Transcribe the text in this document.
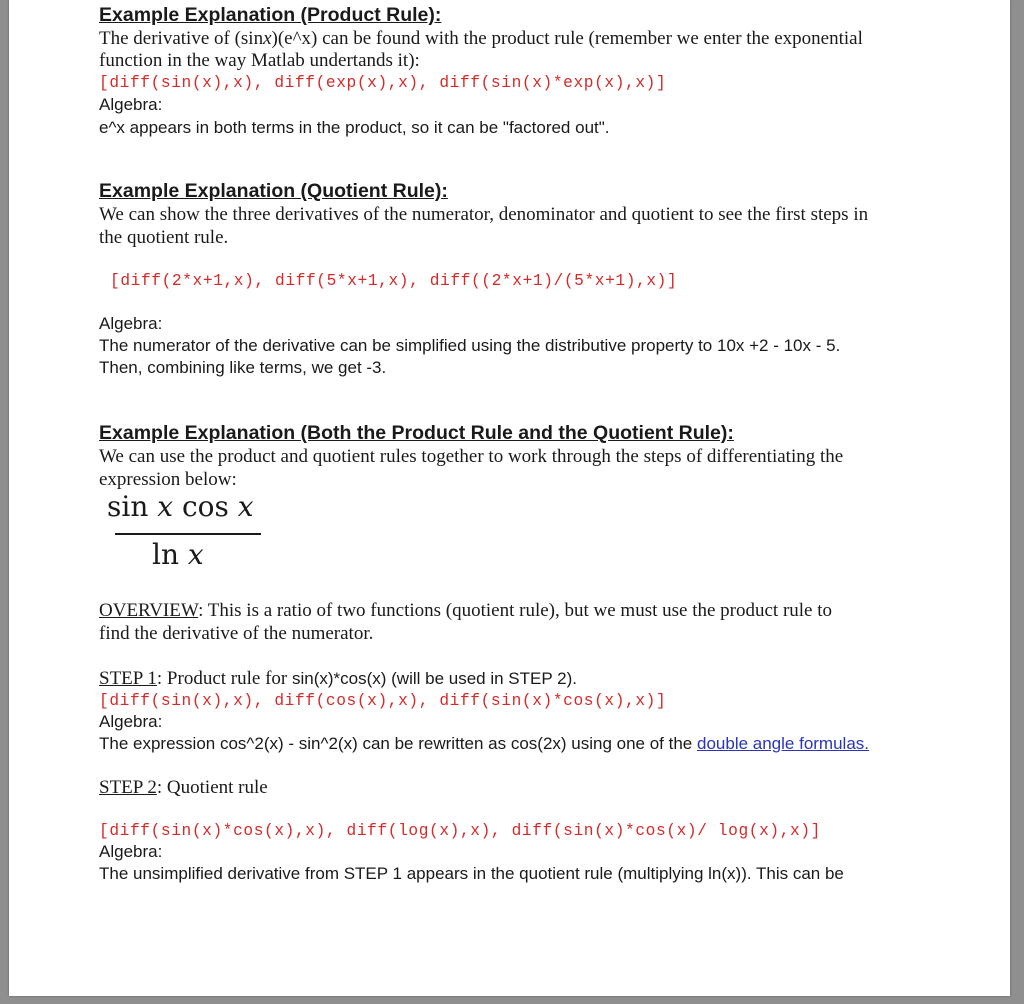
Example Explanation (Product Rule):
The derivative of (sinx)(e^x) can be found with the product rule (remember we enter the exponential
function in the way Matlab undertands it):
[diff(sin(x),x), diff(exp(x),x), diff(sin(x)*exp(x),x)]
Algebra:
e^x appears in both terms in the product, so it can be "factored out".
Example Explanation (Quotient Rule):
We can show the three derivatives of the numerator, denominator and quotient to see the first steps in
the quotient rule.
[diff(2*x+1,x), diff(5*x+1,x), diff((2*x+1)/(5*x+1),x)]
Algebra:
The numerator of the derivative can be simplified using the distributive property to 10x +2 - 10x - 5.
Then, combining like terms, we get -3.
Example Explanation (Both the Product Rule and the Quotient Rule):
We can use the product and quotient rules together to work through the steps of differentiating the
expression below:
sin x cos x
ln x
OVERVIEW: This is a ratio of two functions (quotient rule), but we must use the product rule to
find the derivative of the numerator.
STEP 1: Product rule for sin(x)*cos(x) (will be used in STEP 2).
[diff(sin(x),x), diff(cos(x),x), diff(sin(x)*cos(x),x)]
Algebra:
The expression cos^2(x) - sin^2(x) can be rewritten as cos(2x) using one of the double angle formulas.
STEP 2: Quotient rule
[diff(sin(x)*cos(x),x), diff(log(x),x), diff(sin(x)*cos(x)/ log(x),x)]
Algebra:
The unsimplified derivative from STEP 1 appears in the quotient rule (multiplying ln(x)). This can be
